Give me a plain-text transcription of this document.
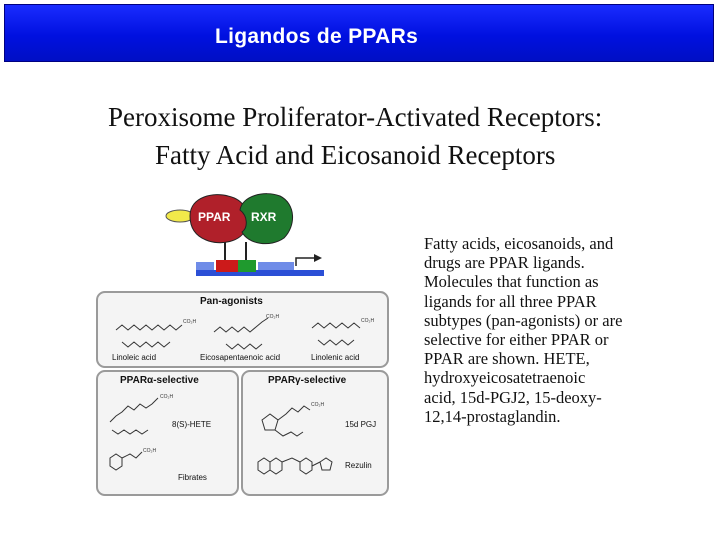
Ligandos de PPARs
Peroxisome Proliferator-Activated Receptors:
Fatty Acid and Eicosanoid Receptors
PPAR RXR
Pan-agonists
CO₂H
CO₂H
CO₂H
Linoleic acid	Eicosapentaenoic acid	Linolenic acid
PPARα-selective
CO₂H
8(S)-HETE
CO₂H
Fibrates
PPARγ-selective
CO₂H
15d PGJ
Rezulin
Fatty acids, eicosanoids, and
drugs are PPAR ligands.
Molecules that function as
ligands for all three PPAR
subtypes (pan-agonists) or are
selective for either PPAR or
PPAR are shown. HETE,
hydroxyeicosatetraenoic
acid, 15d-PGJ2, 15-deoxy-
12,14-prostaglandin.
